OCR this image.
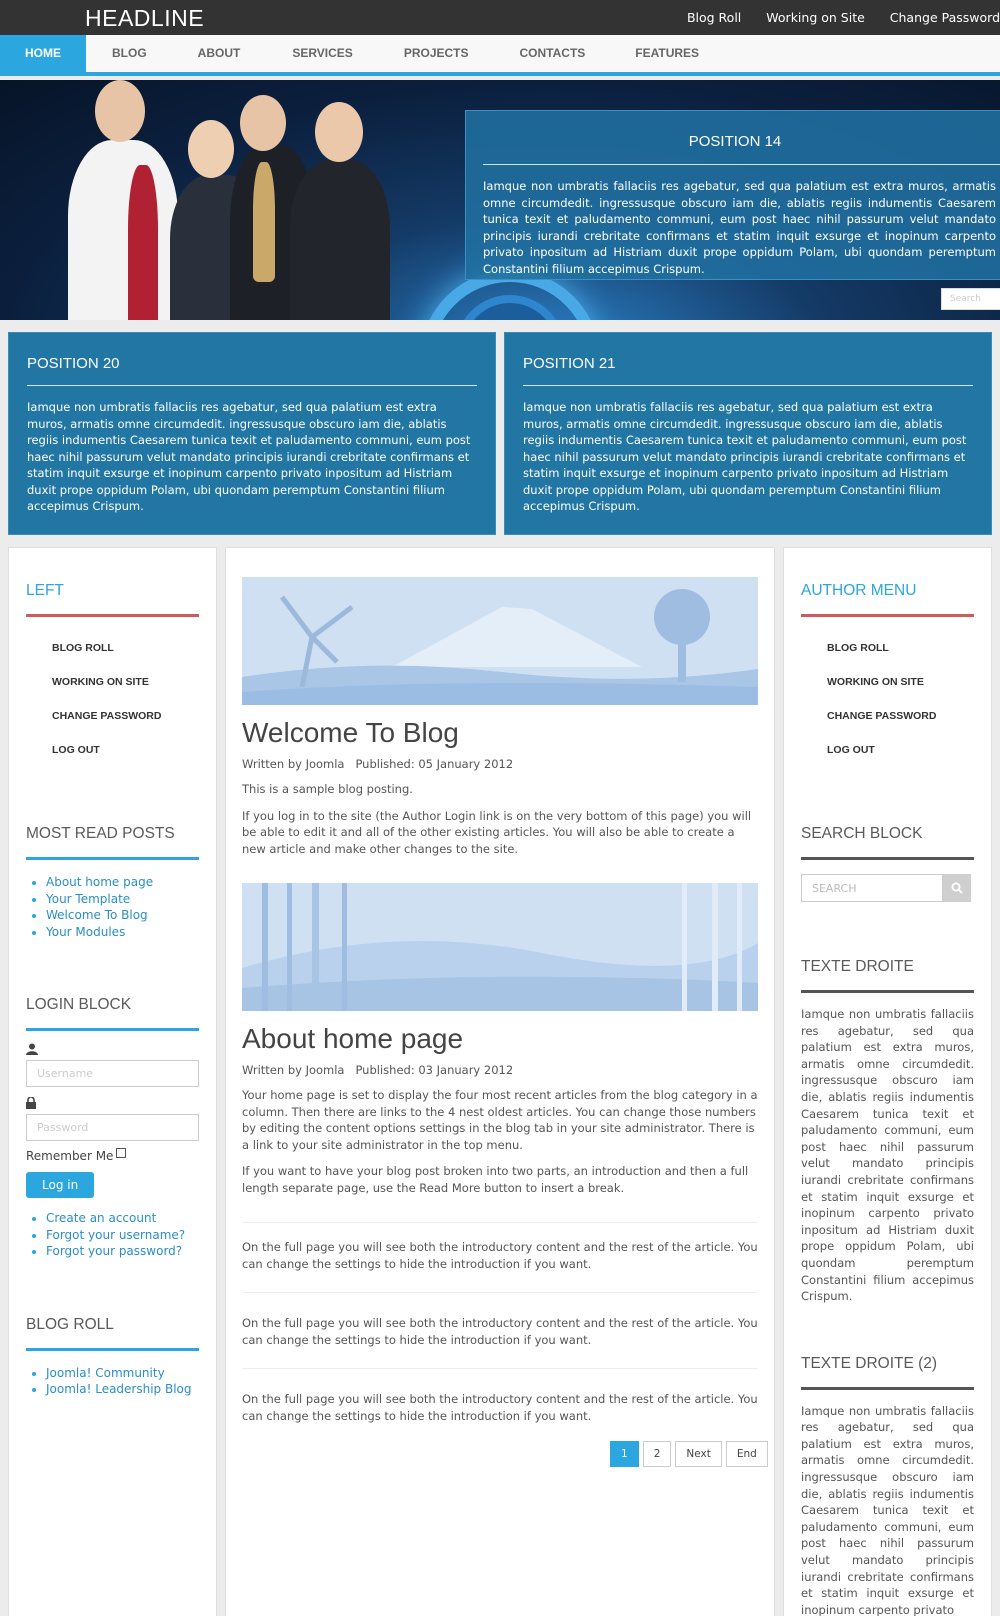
HEADLINE	Blog Roll Working on Site Change Password
HOME	BLOG	ABOUT	SERVICES	PROJECTS	CONTACTS	FEATURES
POSITION 14
Iamque non umbratis fallaciis res agebatur, sed qua palatium est extra muros, armatis omne circumdedit. ingressusque obscuro iam die, ablatis regiis indumentis Caesarem tunica texit et paludamento communi, eum post haec nihil passurum velut mandato principis iurandi crebritate confirmans et statim inquit exsurge et inopinum carpento privato inpositum ad Histriam duxit prope oppidum Polam, ubi quondam peremptum Constantini filium accepimus Crispum.
Search
POSITION 20
Iamque non umbratis fallaciis res agebatur, sed qua palatium est extra muros, armatis omne circumdedit. ingressusque obscuro iam die, ablatis regiis indumentis Caesarem tunica texit et paludamento communi, eum post haec nihil passurum velut mandato principis iurandi crebritate confirmans et statim inquit exsurge et inopinum carpento privato inpositum ad Histriam duxit prope oppidum Polam, ubi quondam peremptum Constantini filium accepimus Crispum.
POSITION 21
Iamque non umbratis fallaciis res agebatur, sed qua palatium est extra muros, armatis omne circumdedit. ingressusque obscuro iam die, ablatis regiis indumentis Caesarem tunica texit et paludamento communi, eum post haec nihil passurum velut mandato principis iurandi crebritate confirmans et statim inquit exsurge et inopinum carpento privato inpositum ad Histriam duxit prope oppidum Polam, ubi quondam peremptum Constantini filium accepimus Crispum.
LEFT
BLOG ROLL
WORKING ON SITE
CHANGE PASSWORD
LOG OUT
MOST READ POSTS
• About home page
• Your Template
• Welcome To Blog
• Your Modules
LOGIN BLOCK
Username
Password
Remember Me
Log in
• Create an account
• Forgot your username?
• Forgot your password?
BLOG ROLL
• Joomla! Community
• Joomla! Leadership Blog
Welcome To Blog
Written by Joomla Published: 05 January 2012
This is a sample blog posting.
If you log in to the site (the Author Login link is on the very bottom of this page) you will be able to edit it and all of the other existing articles. You will also be able to create a new article and make other changes to the site.
About home page
Written by Joomla Published: 03 January 2012
Your home page is set to display the four most recent articles from the blog category in a column. Then there are links to the 4 nest oldest articles. You can change those numbers by editing the content options settings in the blog tab in your site administrator. There is a link to your site administrator in the top menu.
If you want to have your blog post broken into two parts, an introduction and then a full length separate page, use the Read More button to insert a break.
On the full page you will see both the introductory content and the rest of the article. You can change the settings to hide the introduction if you want.
On the full page you will see both the introductory content and the rest of the article. You can change the settings to hide the introduction if you want.
On the full page you will see both the introductory content and the rest of the article. You can change the settings to hide the introduction if you want.
1	2	Next	End
AUTHOR MENU
BLOG ROLL
WORKING ON SITE
CHANGE PASSWORD
LOG OUT
SEARCH BLOCK
SEARCH
TEXTE DROITE
Iamque non umbratis fallaciis res agebatur, sed qua palatium est extra muros, armatis omne circumdedit. ingressusque obscuro iam die, ablatis regiis indumentis Caesarem tunica texit et paludamento communi, eum post haec nihil passurum velut mandato principis iurandi crebritate confirmans et statim inquit exsurge et inopinum carpento privato inpositum ad Histriam duxit prope oppidum Polam, ubi quondam peremptum Constantini filium accepimus Crispum.
TEXTE DROITE (2)
Iamque non umbratis fallaciis res agebatur, sed qua palatium est extra muros, armatis omne circumdedit. ingressusque obscuro iam die, ablatis regiis indumentis Caesarem tunica texit et paludamento communi, eum post haec nihil passurum velut mandato principis iurandi crebritate confirmans et statim inquit exsurge et inopinum carpento privato
